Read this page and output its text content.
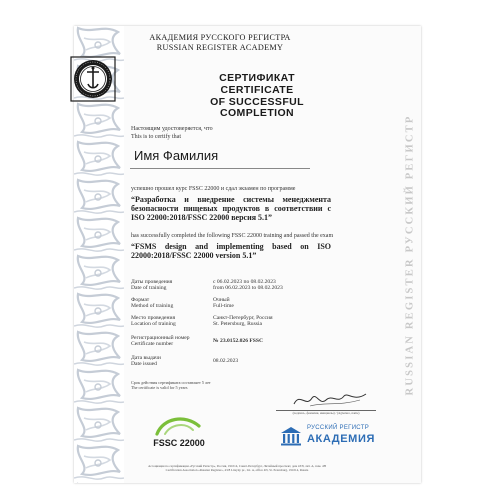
RUSSIAN REGISTER РУССКИЙ РЕГИСТР
АКАДЕМИЯ РУССКОГО РЕГИСТРА
RUSSIAN REGISTER ACADEMY
СЕРТИФИКАТ
CERTIFICATE
OF SUCCESSFUL COMPLETION
Настоящим удостоверяется, что
This is to certify that
Имя Фамилия
успешно прошел курс FSSC 22000 и сдал экзамен по программе
“Разработка и внедрение системы менеджмента безопасности пищевых продуктов в соответствии с ISO 22000:2018/FSSC 22000 версия 5.1”
has successfully completed the following FSSC 22000 training and passed the exam
“FSMS design and implementing based on ISO 22000:2018/FSSC 22000 version 5.1”
Даты проведения
Date of training
с 06.02.2023 по 08.02.2023
from 06.02.2023 to 08.02.2023
Формат
Method of training
Очный
Full-time
Место проведения
Location of training
Санкт-Петербург, Россия
St. Petersburg, Russia
Регистрационный номер
Certificate number	№ 23.0152.026 FSSC
Дата выдачи
Date issued	08.02.2023
Срок действия сертификата составляет 5 лет
The certificate is valid for 5 years
(подпись, фамилия, инициалы) / (signature, name)
FSSC 22000
РУССКИЙ РЕГИСТР
АКАДЕМИЯ
Ассоциация по сертификации «Русский Регистр», Россия, 191014, Санкт-Петербург, Литейный проспект, дом 43/8, лит. А, пом. 4Н
Certification Association «Russian Register», 43/8 Liteyny pr., Lit. A, office 4N, St. Petersburg, 191014, Russia
